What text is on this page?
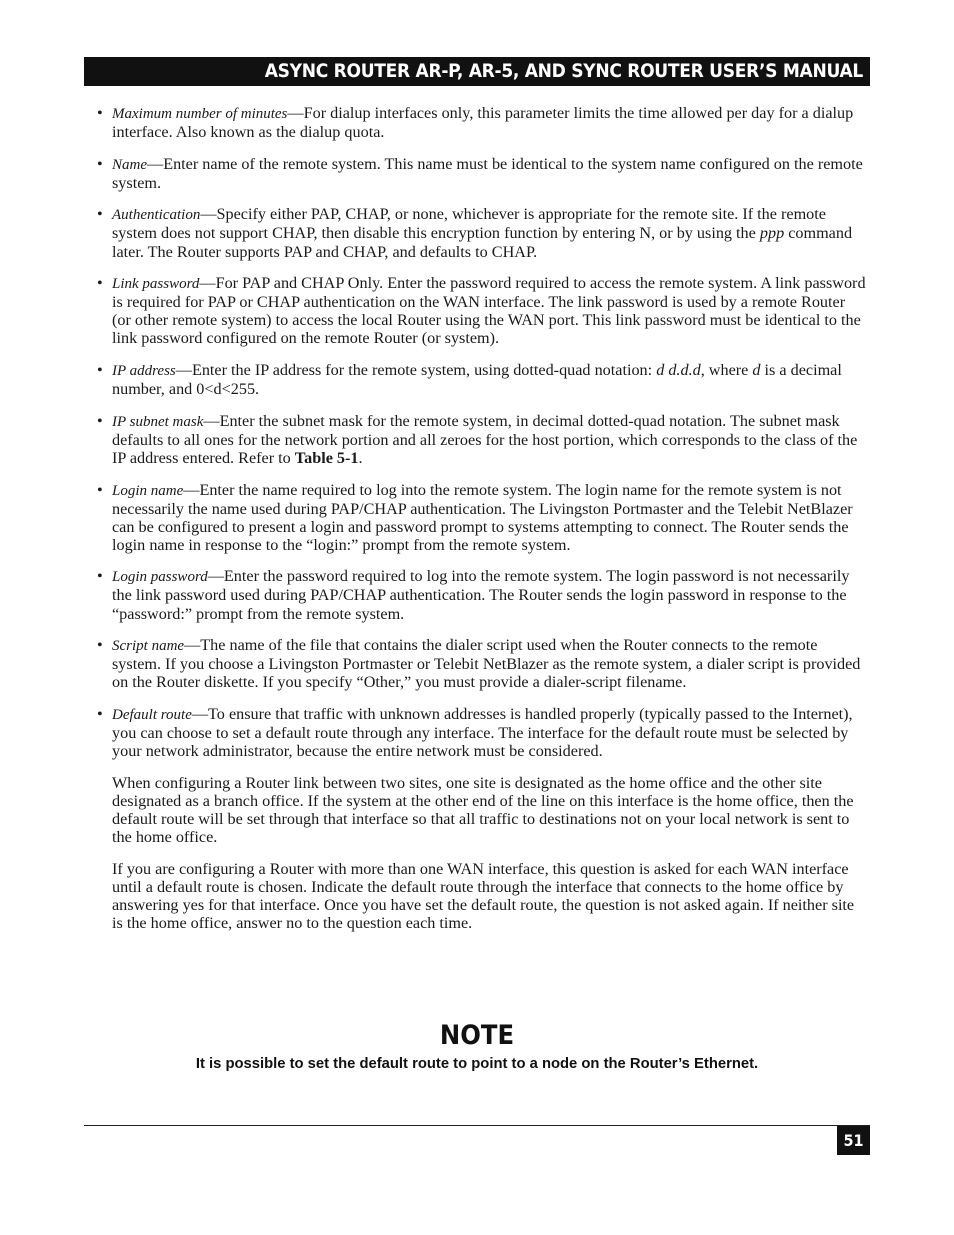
ASYNC ROUTER AR-P, AR-5, AND SYNC ROUTER USER’S MANUAL
• Maximum number of minutes—For dialup interfaces only, this parameter limits the time allowed per day for a dialup interface. Also known as the dialup quota.
• Name—Enter name of the remote system. This name must be identical to the system name configured on the remote system.
• Authentication—Specify either PAP, CHAP, or none, whichever is appropriate for the remote site. If the remote system does not support CHAP, then disable this encryption function by entering N, or by using the ppp command later. The Router supports PAP and CHAP, and defaults to CHAP.
• Link password—For PAP and CHAP Only. Enter the password required to access the remote system. A link password is required for PAP or CHAP authentication on the WAN interface. The link password is used by a remote Router (or other remote system) to access the local Router using the WAN port. This link password must be identical to the link password configured on the remote Router (or system).
• IP address—Enter the IP address for the remote system, using dotted-quad notation: d d.d.d, where d is a decimal number, and 0<d<255.
• IP subnet mask—Enter the subnet mask for the remote system, in decimal dotted-quad notation. The subnet mask defaults to all ones for the network portion and all zeroes for the host portion, which corresponds to the class of the IP address entered. Refer to Table 5-1.
• Login name—Enter the name required to log into the remote system. The login name for the remote system is not necessarily the name used during PAP/CHAP authentication. The Livingston Portmaster and the Telebit NetBlazer can be configured to present a login and password prompt to systems attempting to connect. The Router sends the login name in response to the “login:” prompt from the remote system.
• Login password—Enter the password required to log into the remote system. The login password is not necessarily the link password used during PAP/CHAP authentication. The Router sends the login password in response to the “password:” prompt from the remote system.
• Script name—The name of the file that contains the dialer script used when the Router connects to the remote system. If you choose a Livingston Portmaster or Telebit NetBlazer as the remote system, a dialer script is provided on the Router diskette. If you specify “Other,” you must provide a dialer-script filename.
• Default route—To ensure that traffic with unknown addresses is handled properly (typically passed to the Internet), you can choose to set a default route through any interface. The interface for the default route must be selected by your network administrator, because the entire network must be considered.
When configuring a Router link between two sites, one site is designated as the home office and the other site designated as a branch office. If the system at the other end of the line on this interface is the home office, then the default route will be set through that interface so that all traffic to destinations not on your local network is sent to the home office.
If you are configuring a Router with more than one WAN interface, this question is asked for each WAN interface until a default route is chosen. Indicate the default route through the interface that connects to the home office by answering yes for that interface. Once you have set the default route, the question is not asked again. If neither site is the home office, answer no to the question each time.
NOTE
It is possible to set the default route to point to a node on the Router’s Ethernet.
51
